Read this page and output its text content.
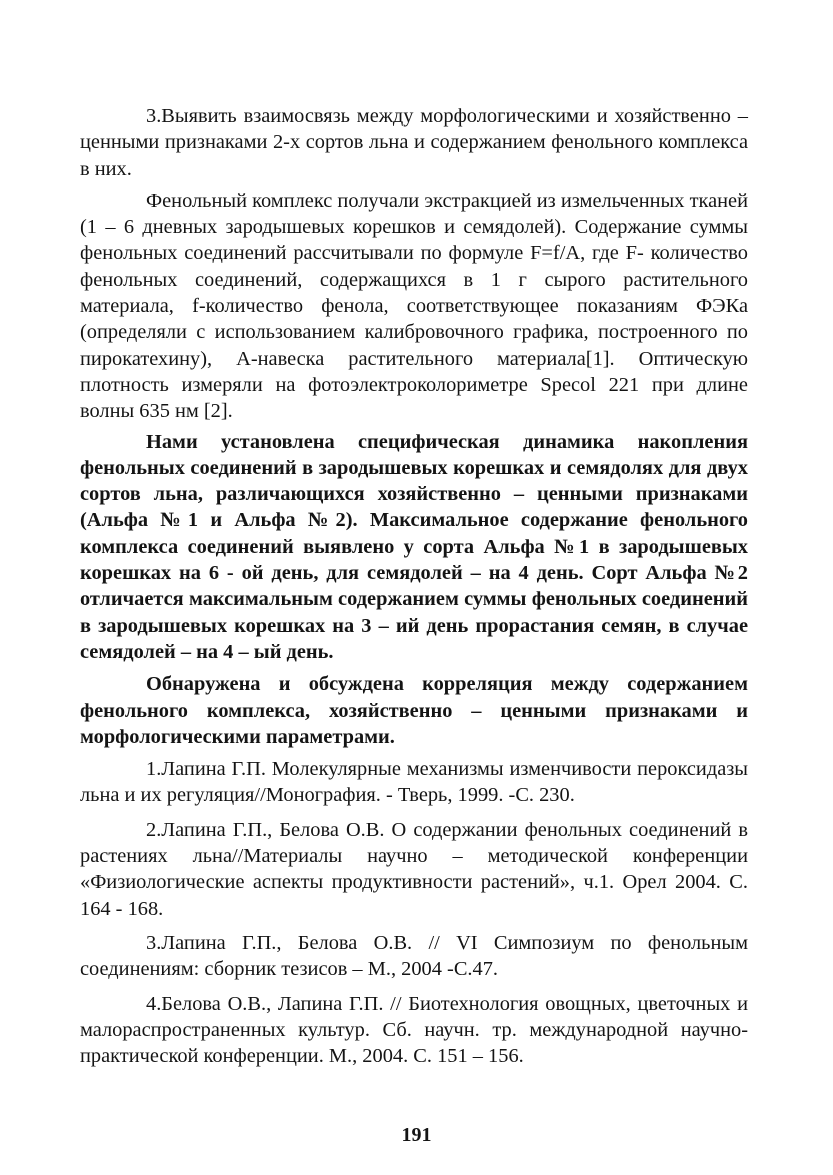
3.Выявить взаимосвязь между морфологическими и хозяйственно – ценными признаками 2-х сортов льна и содержанием фенольного комплекса в них.

Фенольный комплекс получали экстракцией из измельченных тканей (1 – 6 дневных зародышевых корешков и семядолей). Содержание суммы фенольных соединений рассчитывали по формуле F=f/A, где F- количество фенольных соединений, содержащихся в 1 г сырого растительного материала, f-количество фенола, соответствующее показаниям ФЭКа (определяли с использованием калибровочного графика, построенного по пирокатехину), А-навеска растительного материала[1]. Оптическую плотность измеряли на фотоэлектроколориметре Specol 221 при длине волны 635 нм [2].

Нами установлена специфическая динамика накопления фенольных соединений в зародышевых корешках и семядолях для двух сортов льна, различающихся хозяйственно – ценными признаками (Альфа №1 и Альфа №2). Максимальное содержание фенольного комплекса соединений выявлено у сорта Альфа №1 в зародышевых корешках на 6 - ой день, для семядолей – на 4 день. Сорт Альфа №2 отличается максимальным содержанием суммы фенольных соединений в зародышевых корешках на 3 – ий день прорастания семян, в случае семядолей – на 4 – ый день.

Обнаружена и обсуждена корреляция между содержанием фенольного комплекса, хозяйственно – ценными признаками и морфологическими параметрами.

1.Лапина Г.П. Молекулярные механизмы изменчивости пероксидазы льна и их регуляция//Монография. - Тверь, 1999. -С. 230.

2.Лапина Г.П., Белова О.В. О содержании фенольных соединений в растениях льна//Материалы научно – методической конференции «Физиологические аспекты продуктивности растений», ч.1. Орел 2004. С. 164 - 168.

3.Лапина Г.П., Белова О.В. // VI Симпозиум по фенольным соединениям: сборник тезисов – М., 2004 -С.47.

4.Белова О.В., Лапина Г.П. // Биотехнология овощных, цветочных и малораспространенных культур. Сб. научн. тр. международной научно-практической конференции. М., 2004. С. 151 – 156.

191
